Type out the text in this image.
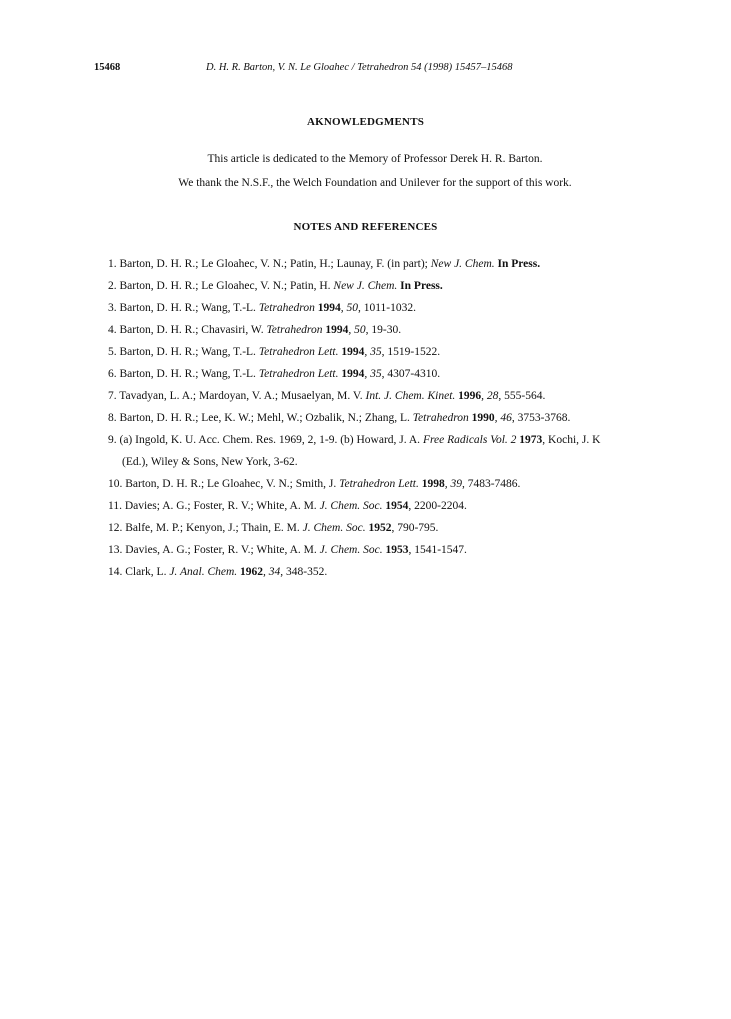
15468	D. H. R. Barton, V. N. Le Gloahec / Tetrahedron 54 (1998) 15457–15468
AKNOWLEDGMENTS
This article is dedicated to the Memory of Professor Derek H. R. Barton.
We thank the N.S.F., the Welch Foundation and Unilever for the support of this work.
NOTES AND REFERENCES
1. Barton, D. H. R.; Le Gloahec, V. N.; Patin, H.; Launay, F. (in part); New J. Chem. In Press.
2. Barton, D. H. R.; Le Gloahec, V. N.; Patin, H. New J. Chem. In Press.
3. Barton, D. H. R.; Wang, T.-L. Tetrahedron 1994, 50, 1011-1032.
4. Barton, D. H. R.; Chavasiri, W. Tetrahedron 1994, 50, 19-30.
5. Barton, D. H. R.; Wang, T.-L. Tetrahedron Lett. 1994, 35, 1519-1522.
6. Barton, D. H. R.; Wang, T.-L. Tetrahedron Lett. 1994, 35, 4307-4310.
7. Tavadyan, L. A.; Mardoyan, V. A.; Musaelyan, M. V. Int. J. Chem. Kinet. 1996, 28, 555-564.
8. Barton, D. H. R.; Lee, K. W.; Mehl, W.; Ozbalik, N.; Zhang, L. Tetrahedron 1990, 46, 3753-3768.
9. (a) Ingold, K. U. Acc. Chem. Res. 1969, 2, 1-9. (b) Howard, J. A. Free Radicals Vol. 2 1973, Kochi, J. K
(Ed.), Wiley & Sons, New York, 3-62.
10. Barton, D. H. R.; Le Gloahec, V. N.; Smith, J. Tetrahedron Lett. 1998, 39, 7483-7486.
11. Davies; A. G.; Foster, R. V.; White, A. M. J. Chem. Soc. 1954, 2200-2204.
12. Balfe, M. P.; Kenyon, J.; Thain, E. M. J. Chem. Soc. 1952, 790-795.
13. Davies, A. G.; Foster, R. V.; White, A. M. J. Chem. Soc. 1953, 1541-1547.
14. Clark, L. J. Anal. Chem. 1962, 34, 348-352.
